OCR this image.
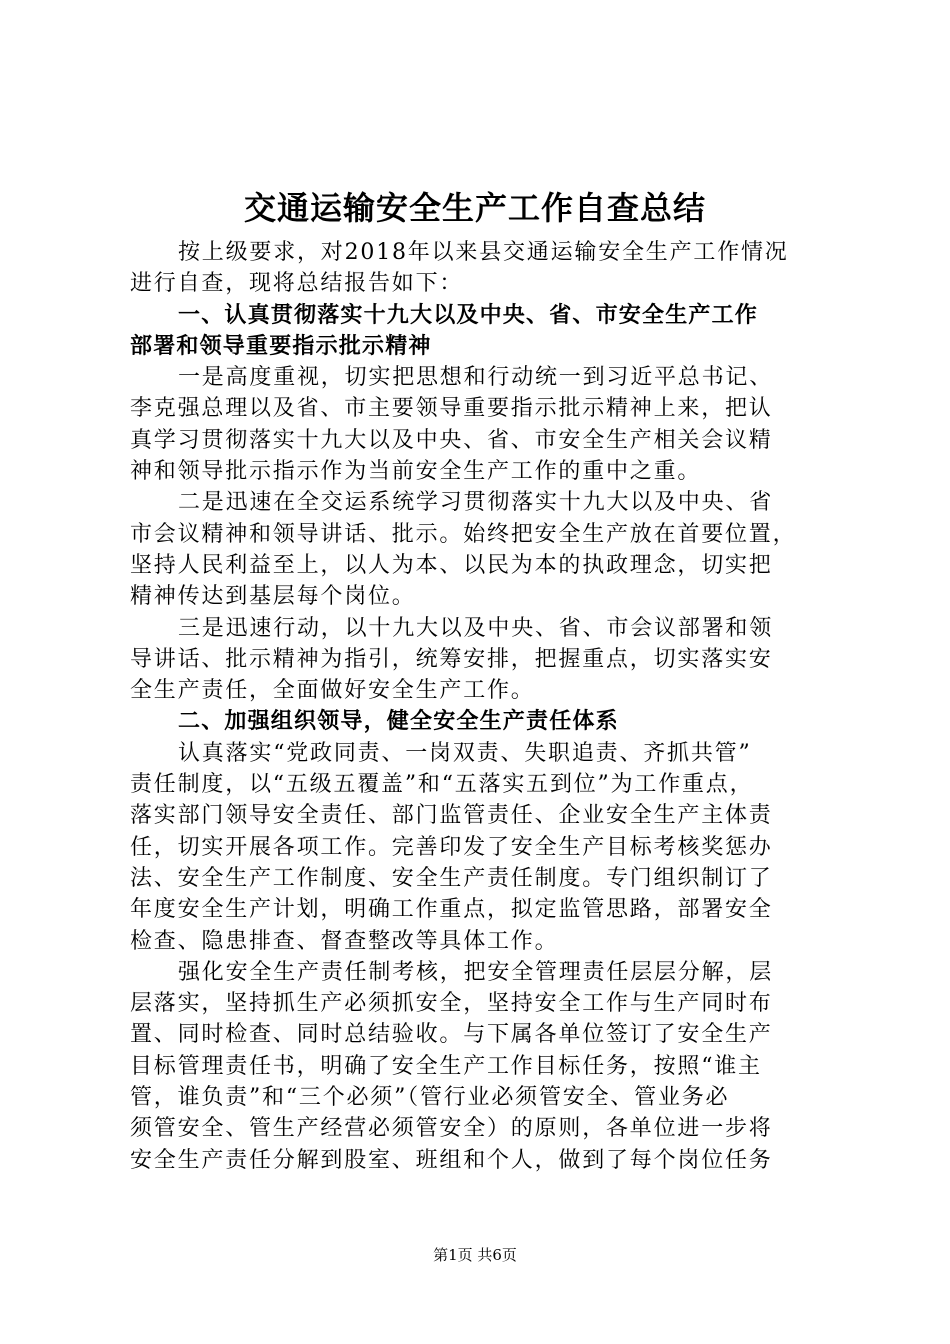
交通运输安全生产工作自查总结
按上级要求，对2018年以来县交通运输安全生产工作情况
进行自查，现将总结报告如下：
一、认真贯彻落实十九大以及中央、省、市安全生产工作
部署和领导重要指示批示精神
一是高度重视，切实把思想和行动统一到习近平总书记、
李克强总理以及省、市主要领导重要指示批示精神上来，把认
真学习贯彻落实十九大以及中央、省、市安全生产相关会议精
神和领导批示指示作为当前安全生产工作的重中之重。
二是迅速在全交运系统学习贯彻落实十九大以及中央、省
市会议精神和领导讲话、批示。始终把安全生产放在首要位置，
坚持人民利益至上，以人为本、以民为本的执政理念，切实把
精神传达到基层每个岗位。
三是迅速行动，以十九大以及中央、省、市会议部署和领
导讲话、批示精神为指引，统筹安排，把握重点，切实落实安
全生产责任，全面做好安全生产工作。
二、加强组织领导，健全安全生产责任体系
认真落实“党政同责、一岗双责、失职追责、齐抓共管”
责任制度，以“五级五覆盖”和“五落实五到位”为工作重点，
落实部门领导安全责任、部门监管责任、企业安全生产主体责
任，切实开展各项工作。完善印发了安全生产目标考核奖惩办
法、安全生产工作制度、安全生产责任制度。专门组织制订了
年度安全生产计划，明确工作重点，拟定监管思路，部署安全
检查、隐患排查、督查整改等具体工作。
强化安全生产责任制考核，把安全管理责任层层分解，层
层落实，坚持抓生产必须抓安全，坚持安全工作与生产同时布
置、同时检查、同时总结验收。与下属各单位签订了安全生产
目标管理责任书，明确了安全生产工作目标任务，按照“谁主
管，谁负责”和“三个必须”（管行业必须管安全、管业务必
须管安全、管生产经营必须管安全）的原则，各单位进一步将
安全生产责任分解到股室、班组和个人，做到了每个岗位任务
第1页 共6页
